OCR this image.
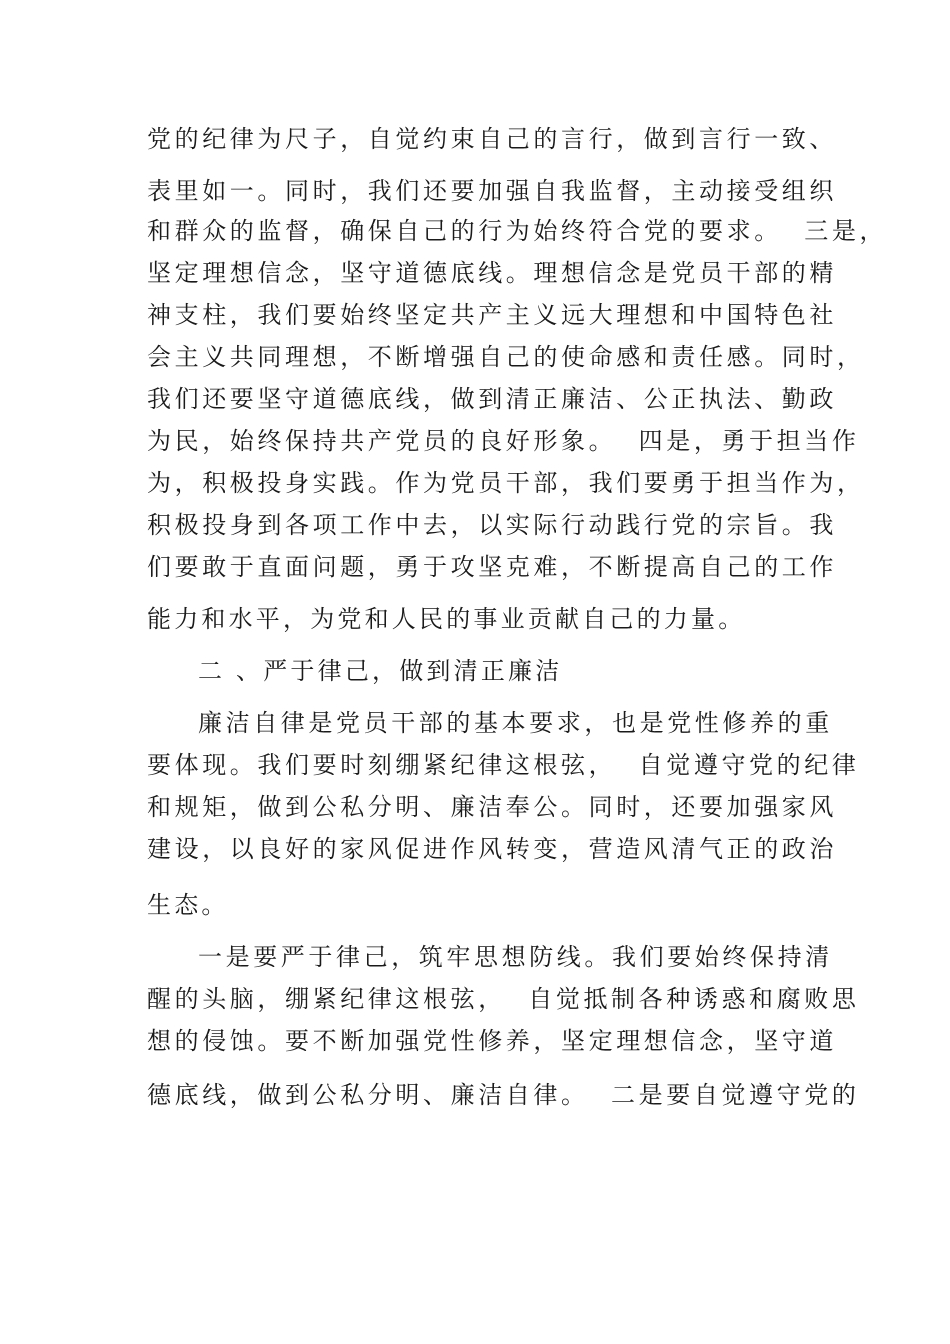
党的纪律为尺子，自觉约束自己的言行，做到言行一致、
表里如一。同时，我们还要加强自我监督，主动接受组织
和群众的监督，确保自己的行为始终符合党的要求。  三是，
坚定理想信念，坚守道德底线。理想信念是党员干部的精
神支柱，我们要始终坚定共产主义远大理想和中国特色社
会主义共同理想，不断增强自己的使命感和责任感。同时，
我们还要坚守道德底线，做到清正廉洁、公正执法、勤政
为民，始终保持共产党员的良好形象。  四是，勇于担当作
为，积极投身实践。作为党员干部，我们要勇于担当作为，
积极投身到各项工作中去，以实际行动践行党的宗旨。我
们要敢于直面问题，勇于攻坚克难，不断提高自己的工作
能力和水平，为党和人民的事业贡献自己的力量。
二 、严于律己，做到清正廉洁
廉洁自律是党员干部的基本要求，也是党性修养的重
要体现。我们要时刻绷紧纪律这根弦，  自觉遵守党的纪律
和规矩，做到公私分明、廉洁奉公。同时，还要加强家风
建设，以良好的家风促进作风转变，营造风清气正的政治
生态。
一是要严于律己，筑牢思想防线。我们要始终保持清
醒的头脑，绷紧纪律这根弦，  自觉抵制各种诱惑和腐败思
想的侵蚀。要不断加强党性修养，坚定理想信念，坚守道
德底线，做到公私分明、廉洁自律。  二是要自觉遵守党的
